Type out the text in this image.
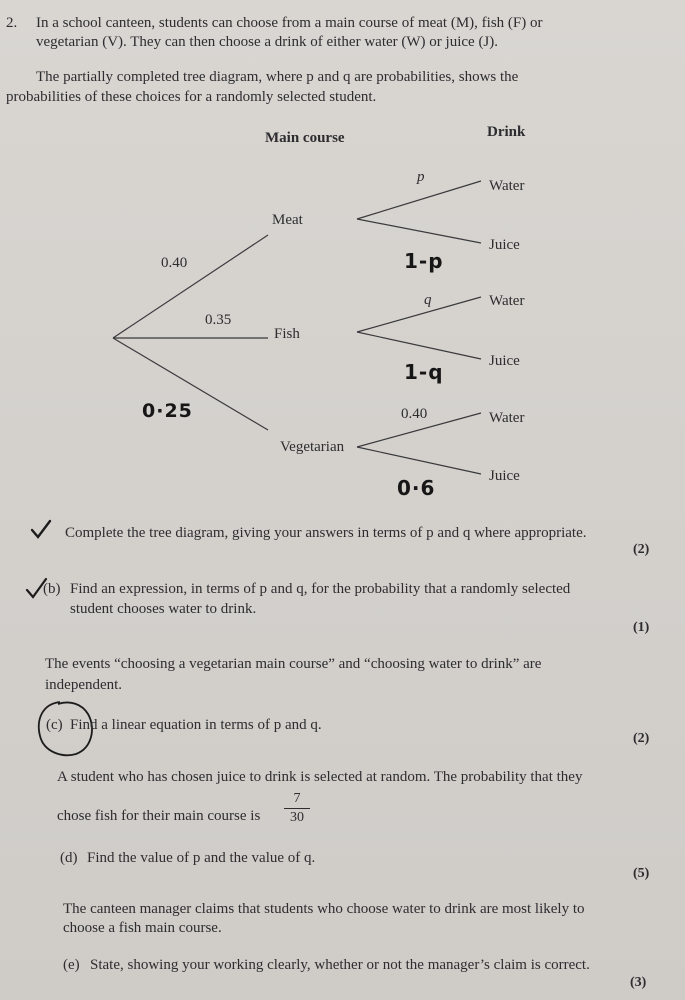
2. In a school canteen, students can choose from a main course of meat (M), fish (F) or
vegetarian (V). They can then choose a drink of either water (W) or juice (J).
The partially completed tree diagram, where p and q are probabilities, shows the
probabilities of these choices for a randomly selected student.
Main course	Drink
Meat
Fish
Vegetarian
0.40
0.35
0·25
Water
Juice
Water
Juice
Water
Juice
p
1-p
q
1-q
0.40
0·6
Complete the tree diagram, giving your answers in terms of p and q where appropriate.
(2)
(b) Find an expression, in terms of p and q, for the probability that a randomly selected
student chooses water to drink.
(1)
The events “choosing a vegetarian main course” and “choosing water to drink” are
independent.
(c) Find a linear equation in terms of p and q.
(2)
A student who has chosen juice to drink is selected at random. The probability that they
chose fish for their main course is
7
30
(d) Find the value of p and the value of q.
(5)
The canteen manager claims that students who choose water to drink are most likely to
choose a fish main course.
(e) State, showing your working clearly, whether or not the manager’s claim is correct.
(3)
